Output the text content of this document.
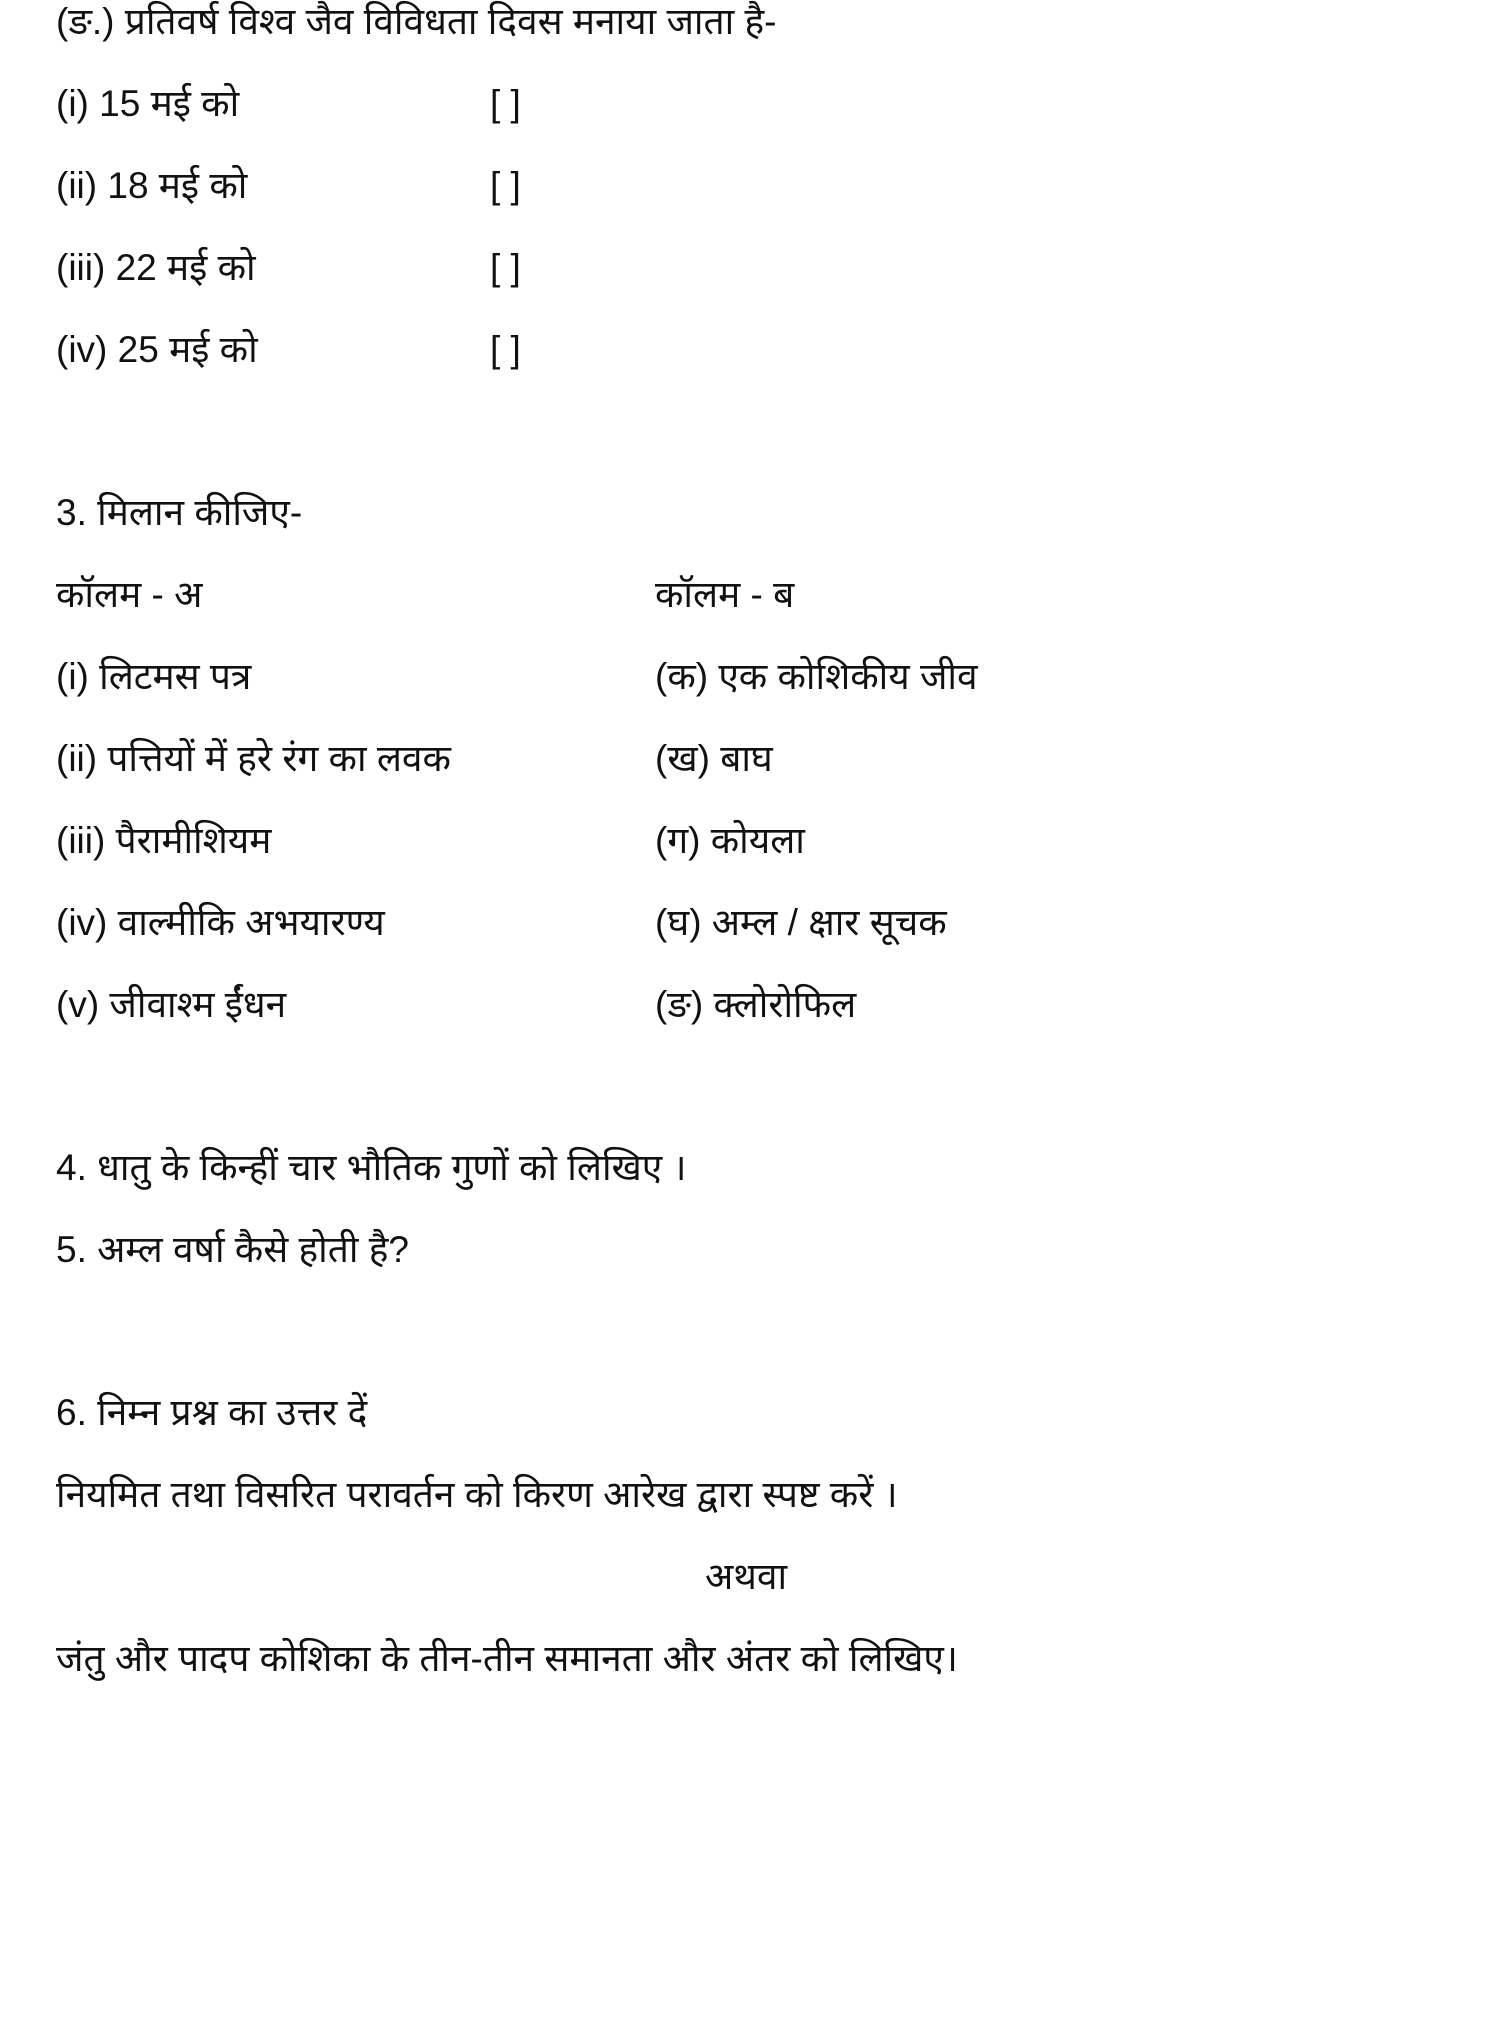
(ङ.) प्रतिवर्ष विश्व जैव विविधता दिवस मनाया जाता है-
(i) 15 मई को	[ ]
(ii) 18 मई को	[ ]
(iii) 22 मई को	[ ]
(iv) 25 मई को	[ ]
3. मिलान कीजिए-
कॉलम - अ	कॉलम - ब
(i) लिटमस पत्र	(क) एक कोशिकीय जीव
(ii) पत्तियों में हरे रंग का लवक	(ख) बाघ
(iii) पैरामीशियम	(ग) कोयला
(iv) वाल्मीकि अभयारण्य	(घ) अम्ल / क्षार सूचक
(v) जीवाश्म ईंधन	(ङ) क्लोरोफिल
4. धातु के किन्हीं चार भौतिक गुणों को लिखिए ।
5. अम्ल वर्षा कैसे होती है?
6. निम्न प्रश्न का उत्तर दें
नियमित तथा विसरित परावर्तन को किरण आरेख द्वारा स्पष्ट करें ।
अथवा
जंतु और पादप कोशिका के तीन-तीन समानता और अंतर को लिखिए।
